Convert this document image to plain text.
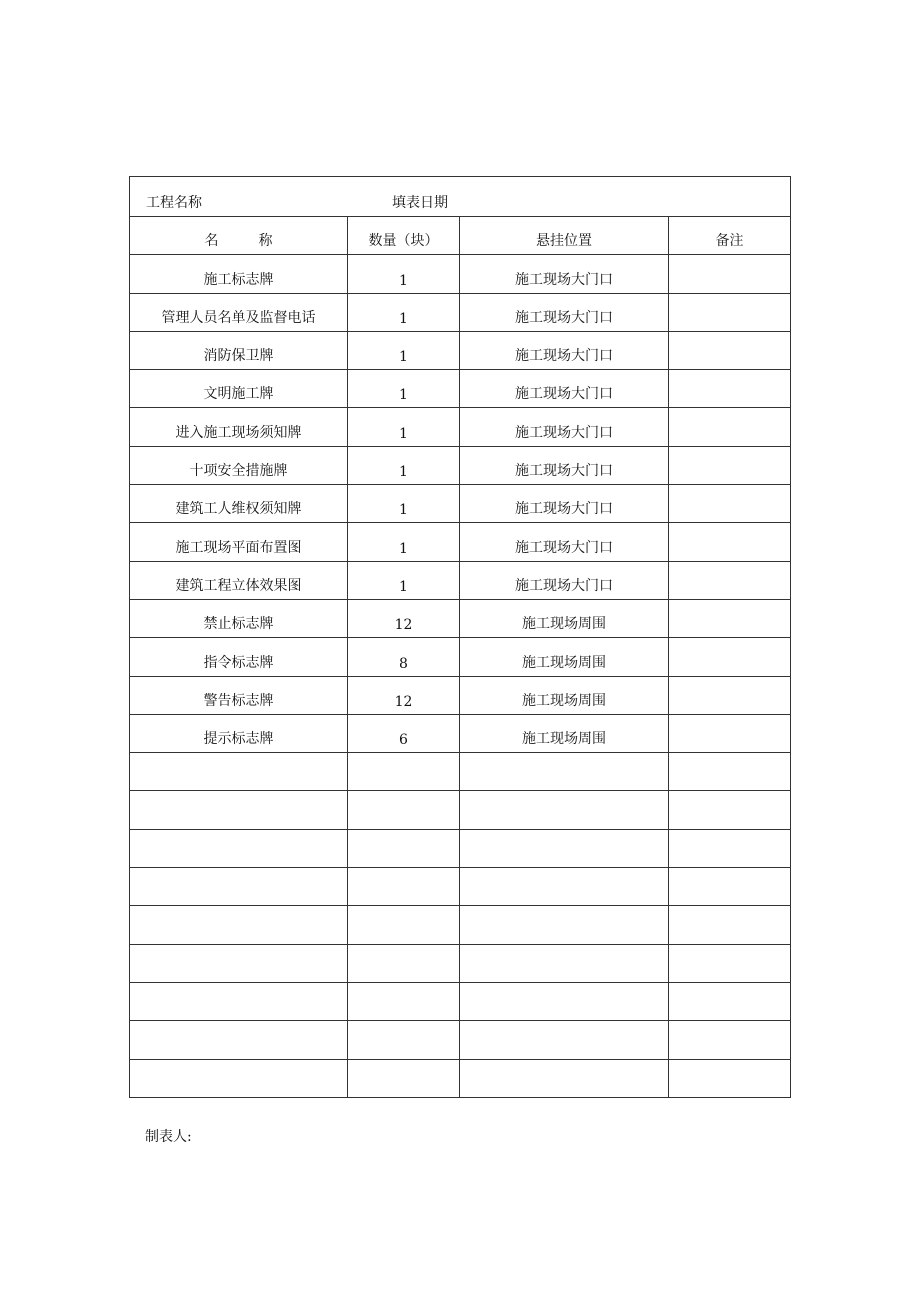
工程名称 填表日期			
名 称	数量（块）	悬挂位置	备注
施工标志牌	1	施工现场大门口	
管理人员名单及监督电话	1	施工现场大门口	
消防保卫牌	1	施工现场大门口	
文明施工牌	1	施工现场大门口	
进入施工现场须知牌	1	施工现场大门口	
十项安全措施牌	1	施工现场大门口	
建筑工人维权须知牌	1	施工现场大门口	
施工现场平面布置图	1	施工现场大门口	
建筑工程立体效果图	1	施工现场大门口	
禁止标志牌	12	施工现场周围	
指令标志牌	8	施工现场周围	
警告标志牌	12	施工现场周围	
提示标志牌	6	施工现场周围	

制表人:
